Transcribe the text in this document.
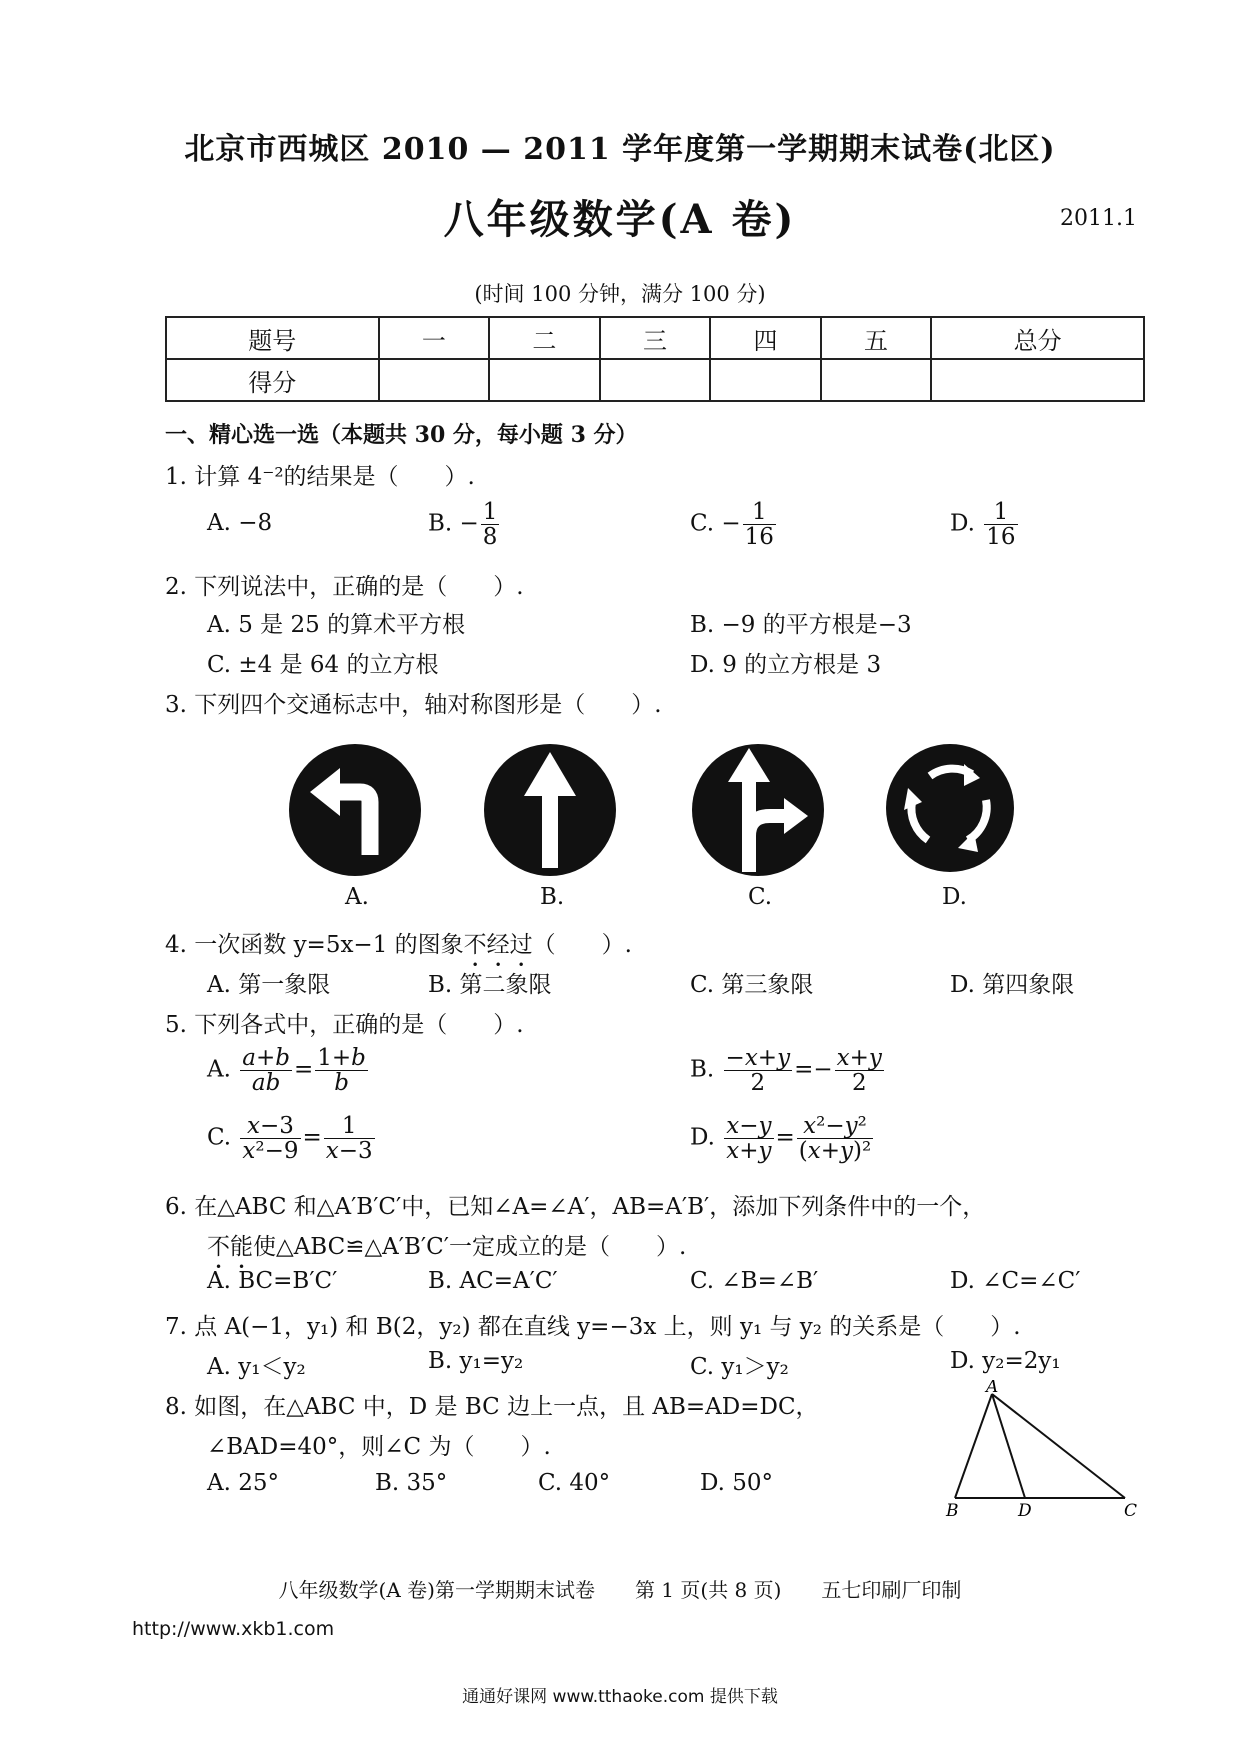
北京市西城区 2010 — 2011 学年度第一学期期末试卷(北区)
八年级数学(A 卷)	2011.1
(时间 100 分钟，满分 100 分)
题号	一	二	三	四	五	总分
得分						
一、精心选一选（本题共 30 分，每小题 3 分）
1. 计算 4⁻²的结果是（　　）.
A. −8	B. − $\frac{1}{8}$	C. − $\frac{1}{16}$	D. $\frac{1}{16}$
2. 下列说法中，正确的是（　　）.
A. 5 是 25 的算术平方根	B. −9 的平方根是−3
C. ±4 是 64 的立方根	D. 9 的立方根是 3
3. 下列四个交通标志中，轴对称图形是（　　）.
A.	B.	C.	D.
4. 一次函数 y=5x−1 的图象不经过（　　）.
A. 第一象限	B. 第二象限	C. 第三象限	D. 第四象限
5. 下列各式中，正确的是（　　）.
A. $\frac{a+b}{ab} = \frac{1+b}{b}$	B. $\frac{-x+y}{2} =- \frac{x+y}{2}$
C. $\frac{x-3}{\text{x²−9}} = \frac{1}{x-3}$	D. $\frac{x-y}{x+y} = \frac{\text{x²−y²}}{\text{(x+y)²}}$
6. 在△ABC 和△A′B′C′中，已知∠A=∠A′，AB=A′B′，添加下列条件中的一个，
不能使△ABC≌△A′B′C′一定成立的是（　　）.
A. BC=B′C′	B. AC=A′C′	C. ∠B=∠B′	D. ∠C=∠C′
7. 点 A(−1，y₁) 和 B(2，y₂) 都在直线 y=−3x 上，则 y₁ 与 y₂ 的关系是（　　）.
A. y₁＜y₂	B. y₁=y₂	C. y₁＞y₂	D. y₂=2y₁
8. 如图，在△ABC 中，D 是 BC 边上一点，且 AB=AD=DC，
∠BAD=40°，则∠C 为（　　）.
A. 25°	B. 35°	C. 40°	D. 50°
A
B	D	C
八年级数学(A 卷)第一学期期末试卷　　第 1 页(共 8 页)　　五七印刷厂印制
http://www.xkb1.com
通通好课网 www.tthaoke.com 提供下载
